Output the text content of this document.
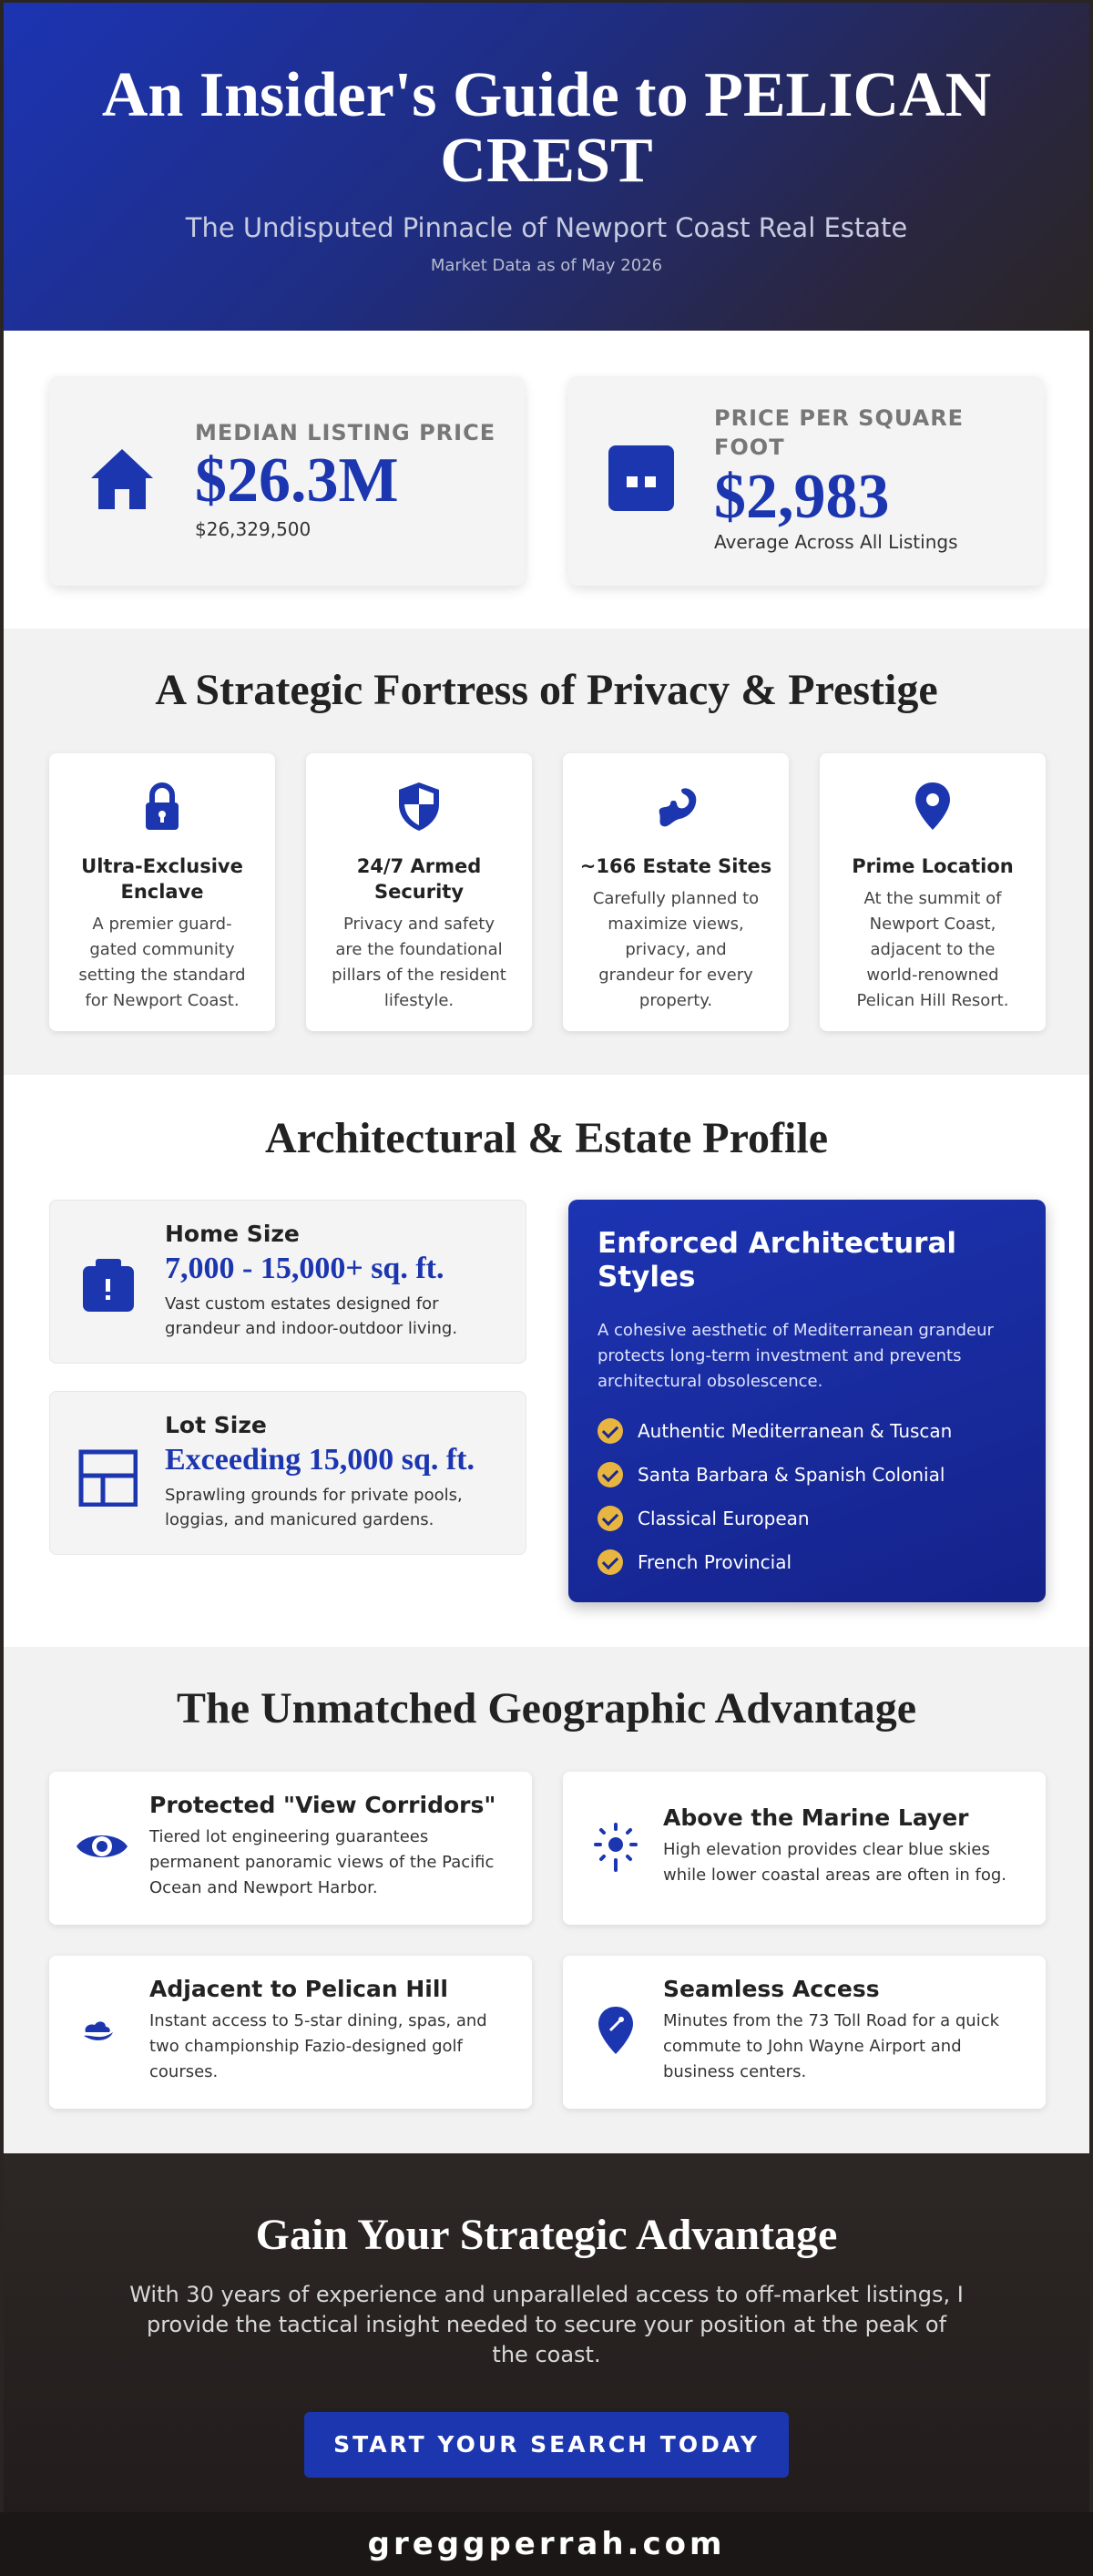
An Insider's Guide to PELICAN CREST
The Undisputed Pinnacle of Newport Coast Real Estate
Market Data as of May 2026
MEDIAN LISTING PRICE
$26.3M
$26,329,500
PRICE PER SQUARE FOOT
$2,983
Average Across All Listings
A Strategic Fortress of Privacy & Prestige
Ultra-Exclusive Enclave
A premier guard-gated community setting the standard for Newport Coast.
24/7 Armed Security
Privacy and safety are the foundational pillars of the resident lifestyle.
~166 Estate Sites
Carefully planned to maximize views, privacy, and grandeur for every property.
Prime Location
At the summit of Newport Coast, adjacent to the world-renowned Pelican Hill Resort.
Architectural & Estate Profile
Home Size
7,000 - 15,000+ sq. ft.
Vast custom estates designed for grandeur and indoor-outdoor living.
Lot Size
Exceeding 15,000 sq. ft.
Sprawling grounds for private pools, loggias, and manicured gardens.
Enforced Architectural Styles
A cohesive aesthetic of Mediterranean grandeur protects long-term investment and prevents architectural obsolescence.
Authentic Mediterranean & Tuscan
Santa Barbara & Spanish Colonial
Classical European
French Provincial
The Unmatched Geographic Advantage
Protected "View Corridors"
Tiered lot engineering guarantees permanent panoramic views of the Pacific Ocean and Newport Harbor.
Above the Marine Layer
High elevation provides clear blue skies while lower coastal areas are often in fog.
Adjacent to Pelican Hill
Instant access to 5-star dining, spas, and two championship Fazio-designed golf courses.
Seamless Access
Minutes from the 73 Toll Road for a quick commute to John Wayne Airport and business centers.
Gain Your Strategic Advantage

With 30 years of experience and unparalleled access to off-market listings, I provide the tactical insight needed to secure your position at the peak of the coast.

START YOUR SEARCH TODAY
greggperrah.com
